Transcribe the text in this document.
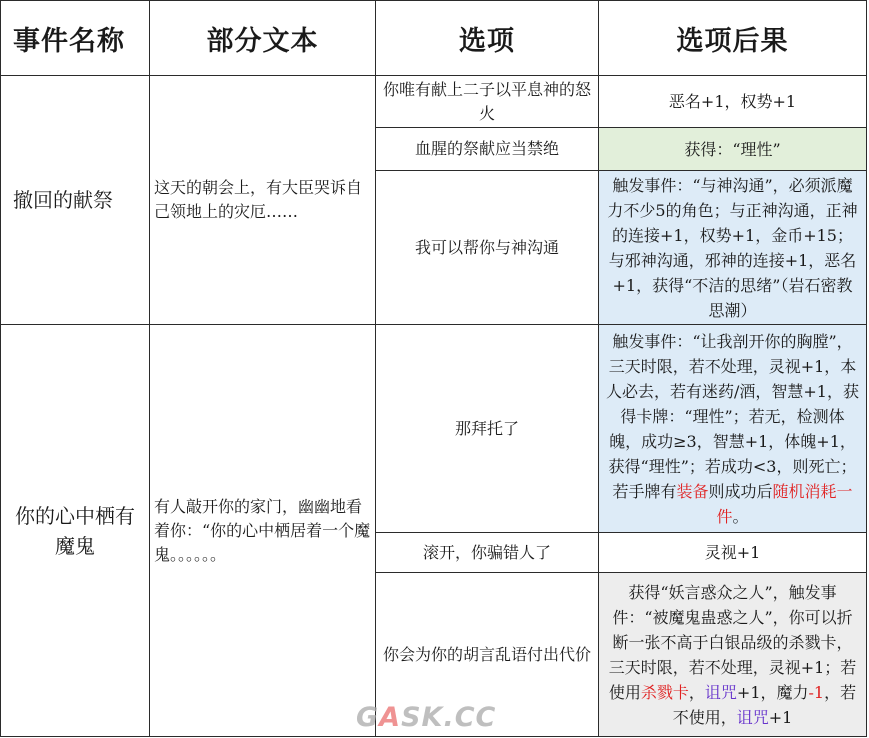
事件名称	部分文本	选项	选项后果
撤回的献祭	这天的朝会上，有大臣哭诉自己领地上的灾厄……	你唯有献上二子以平息神的怒火	恶名+1，权势+1
		血腥的祭献应当禁绝	获得：“理性”
		我可以帮你与神沟通	触发事件：“与神沟通”，必须派魔力不少5的角色；与正神沟通，正神的连接+1，权势+1，金币+15；与邪神沟通，邪神的连接+1，恶名+1，获得“不洁的思绪”（岩石密教思潮）
你的心中栖有魔鬼	有人敲开你的家门，幽幽地看着你：“你的心中栖居着一个魔鬼。。。。。。	那拜托了	触发事件：“让我剖开你的胸膛”，三天时限，若不处理，灵视+1，本人必去，若有迷药/酒，智慧+1，获得卡牌：“理性”；若无，检测体魄，成功≥3，智慧+1，体魄+1，获得“理性”；若成功<3，则死亡；若手牌有装备则成功后随机消耗一件。
		滚开，你骗错人了	灵视+1
		你会为你的胡言乱语付出代价	获得“妖言惑众之人”，触发事件：“被魔鬼蛊惑之人”，你可以折断一张不高于白银品级的杀戮卡，三天时限，若不处理，灵视+1；若使用杀戮卡，诅咒+1，魔力-1，若不使用，诅咒+1
GASK.CC
